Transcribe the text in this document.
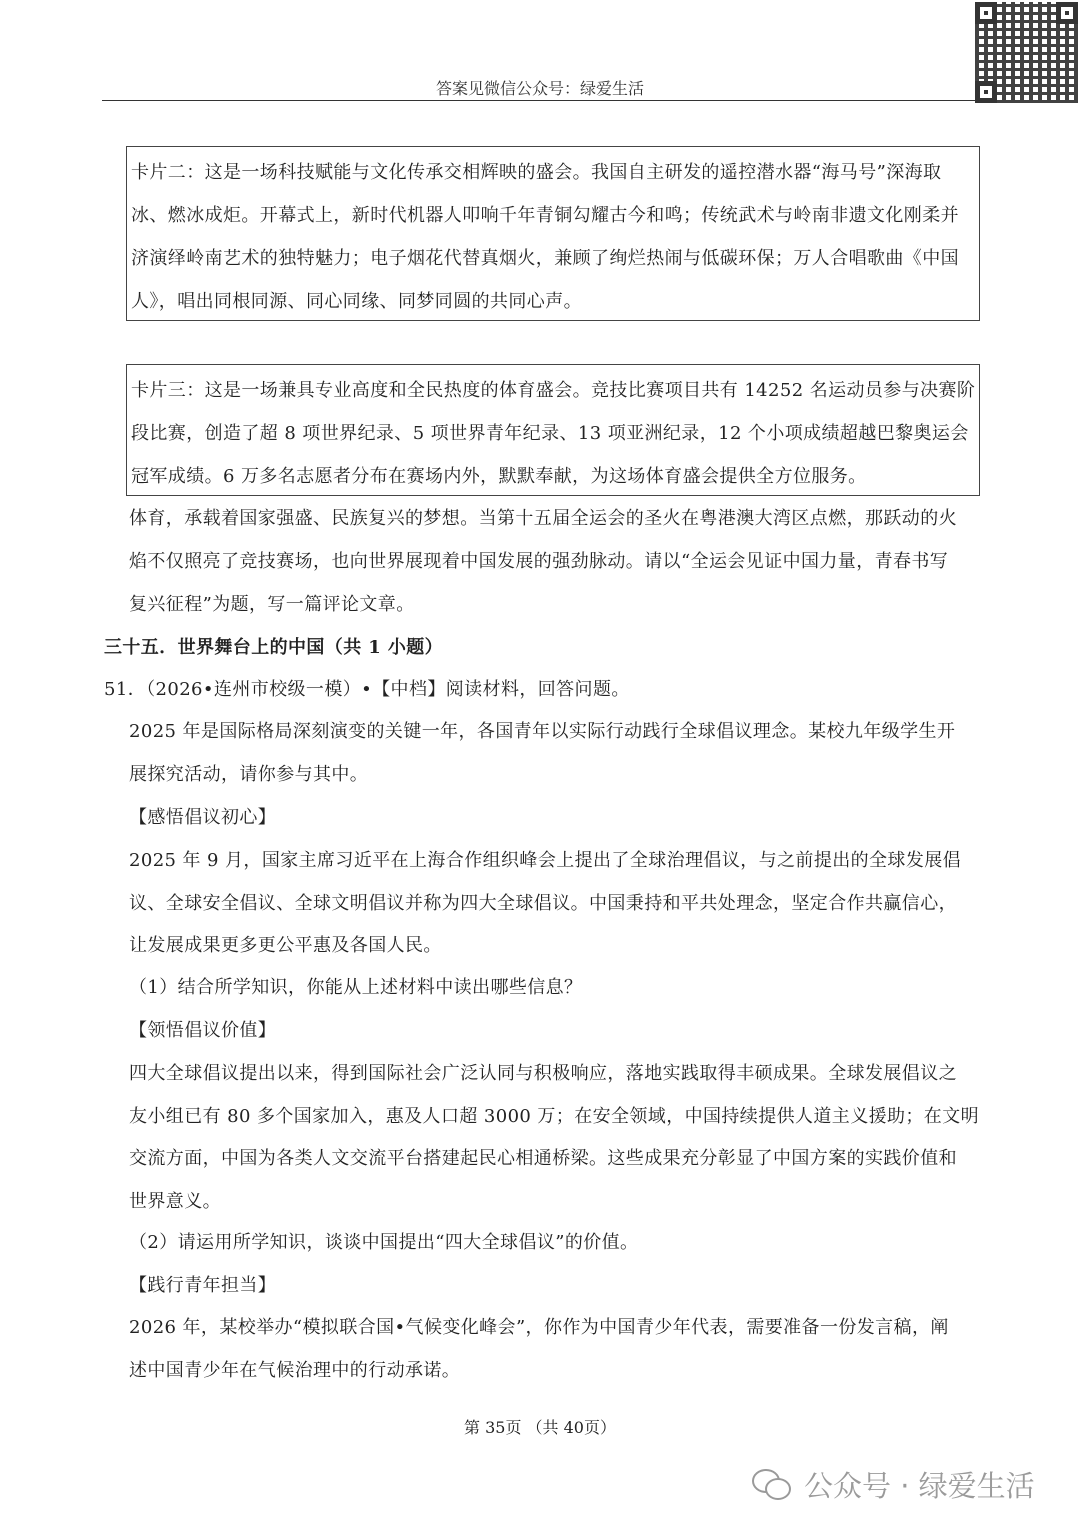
答案见微信公众号：绿爱生活

卡片二：这是一场科技赋能与文化传承交相辉映的盛会。我国自主研发的遥控潜水器“海马号”深海取

冰、燃冰成炬。开幕式上，新时代机器人叩响千年青铜勾耀古今和鸣；传统武术与岭南非遗文化刚柔并

济演绎岭南艺术的独特魅力；电子烟花代替真烟火，兼顾了绚烂热闹与低碳环保；万人合唱歌曲《中国

人》，唱出同根同源、同心同缘、同梦同圆的共同心声。

卡片三：这是一场兼具专业高度和全民热度的体育盛会。竞技比赛项目共有 14252 名运动员参与决赛阶

段比赛，创造了超 8 项世界纪录、5 项世界青年纪录、13 项亚洲纪录，12 个小项成绩超越巴黎奥运会

冠军成绩。6 万多名志愿者分布在赛场内外，默默奉献，为这场体育盛会提供全方位服务。

体育，承载着国家强盛、民族复兴的梦想。当第十五届全运会的圣火在粤港澳大湾区点燃，那跃动的火
焰不仅照亮了竞技赛场，也向世界展现着中国发展的强劲脉动。请以“全运会见证中国力量，青春书写
复兴征程”为题，写一篇评论文章。
三十五．世界舞台上的中国（共 1 小题）
51．（2026•连州市校级一模）•【中档】阅读材料，回答问题。
2025 年是国际格局深刻演变的关键一年，各国青年以实际行动践行全球倡议理念。某校九年级学生开
展探究活动，请你参与其中。
【感悟倡议初心】
2025 年 9 月，国家主席习近平在上海合作组织峰会上提出了全球治理倡议，与之前提出的全球发展倡
议、全球安全倡议、全球文明倡议并称为四大全球倡议。中国秉持和平共处理念，坚定合作共赢信心，
让发展成果更多更公平惠及各国人民。
（1）结合所学知识，你能从上述材料中读出哪些信息？
【领悟倡议价值】
四大全球倡议提出以来，得到国际社会广泛认同与积极响应，落地实践取得丰硕成果。全球发展倡议之
友小组已有 80 多个国家加入，惠及人口超 3000 万；在安全领域，中国持续提供人道主义援助；在文明
交流方面，中国为各类人文交流平台搭建起民心相通桥梁。这些成果充分彰显了中国方案的实践价值和
世界意义。
（2）请运用所学知识，谈谈中国提出“四大全球倡议”的价值。
【践行青年担当】
2026 年，某校举办“模拟联合国•气候变化峰会”，你作为中国青少年代表，需要准备一份发言稿，阐
述中国青少年在气候治理中的行动承诺。
第 35页 （共 40页）
公众号 · 绿爱生活
